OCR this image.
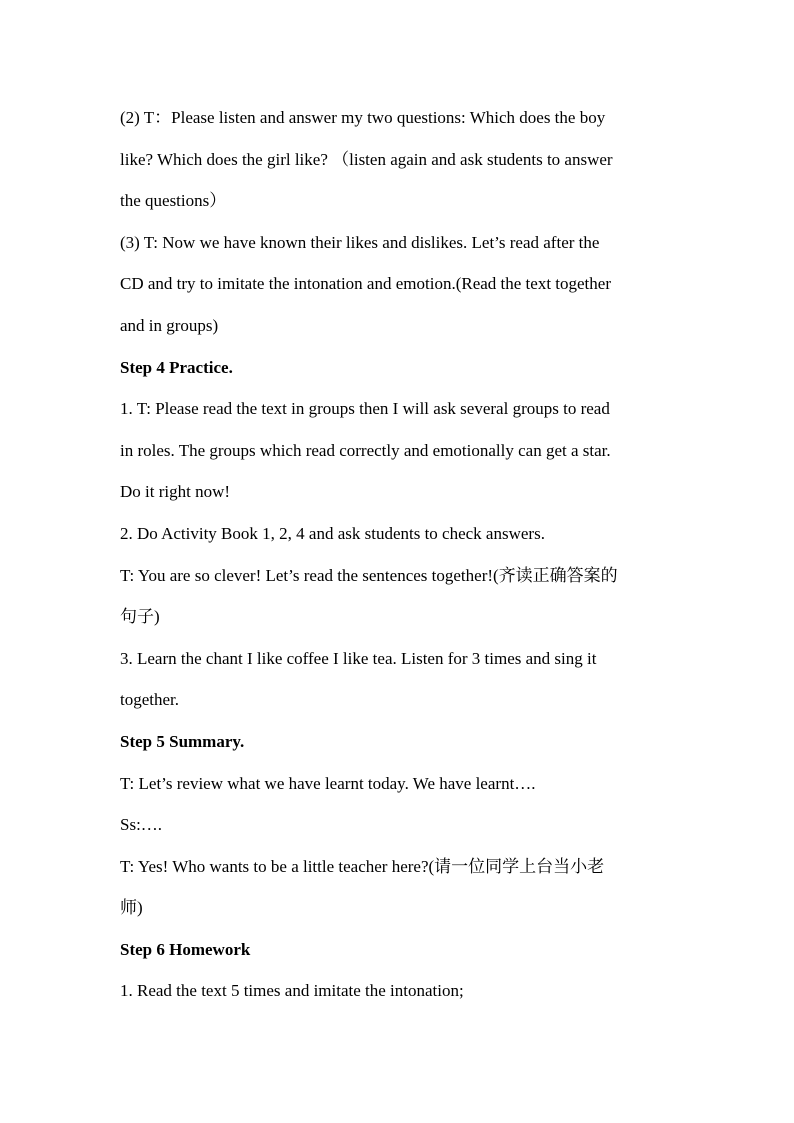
(2) T：Please listen and answer my two questions: Which does the boy
like? Which does the girl like? （listen again and ask students to answer
the questions）
(3) T: Now we have known their likes and dislikes. Let’s read after the
CD and try to imitate the intonation and emotion.(Read the text together
and in groups)
Step 4 Practice.
1. T: Please read the text in groups then I will ask several groups to read
in roles. The groups which read correctly and emotionally can get a star.
Do it right now!
2. Do Activity Book 1, 2, 4 and ask students to check answers.
T: You are so clever! Let’s read the sentences together!(齐读正确答案的
句子)
3. Learn the chant I like coffee I like tea. Listen for 3 times and sing it
together.
Step 5 Summary.
T: Let’s review what we have learnt today. We have learnt….
Ss:….
T: Yes! Who wants to be a little teacher here?(请一位同学上台当小老
师)
Step 6 Homework
1. Read the text 5 times and imitate the intonation;
